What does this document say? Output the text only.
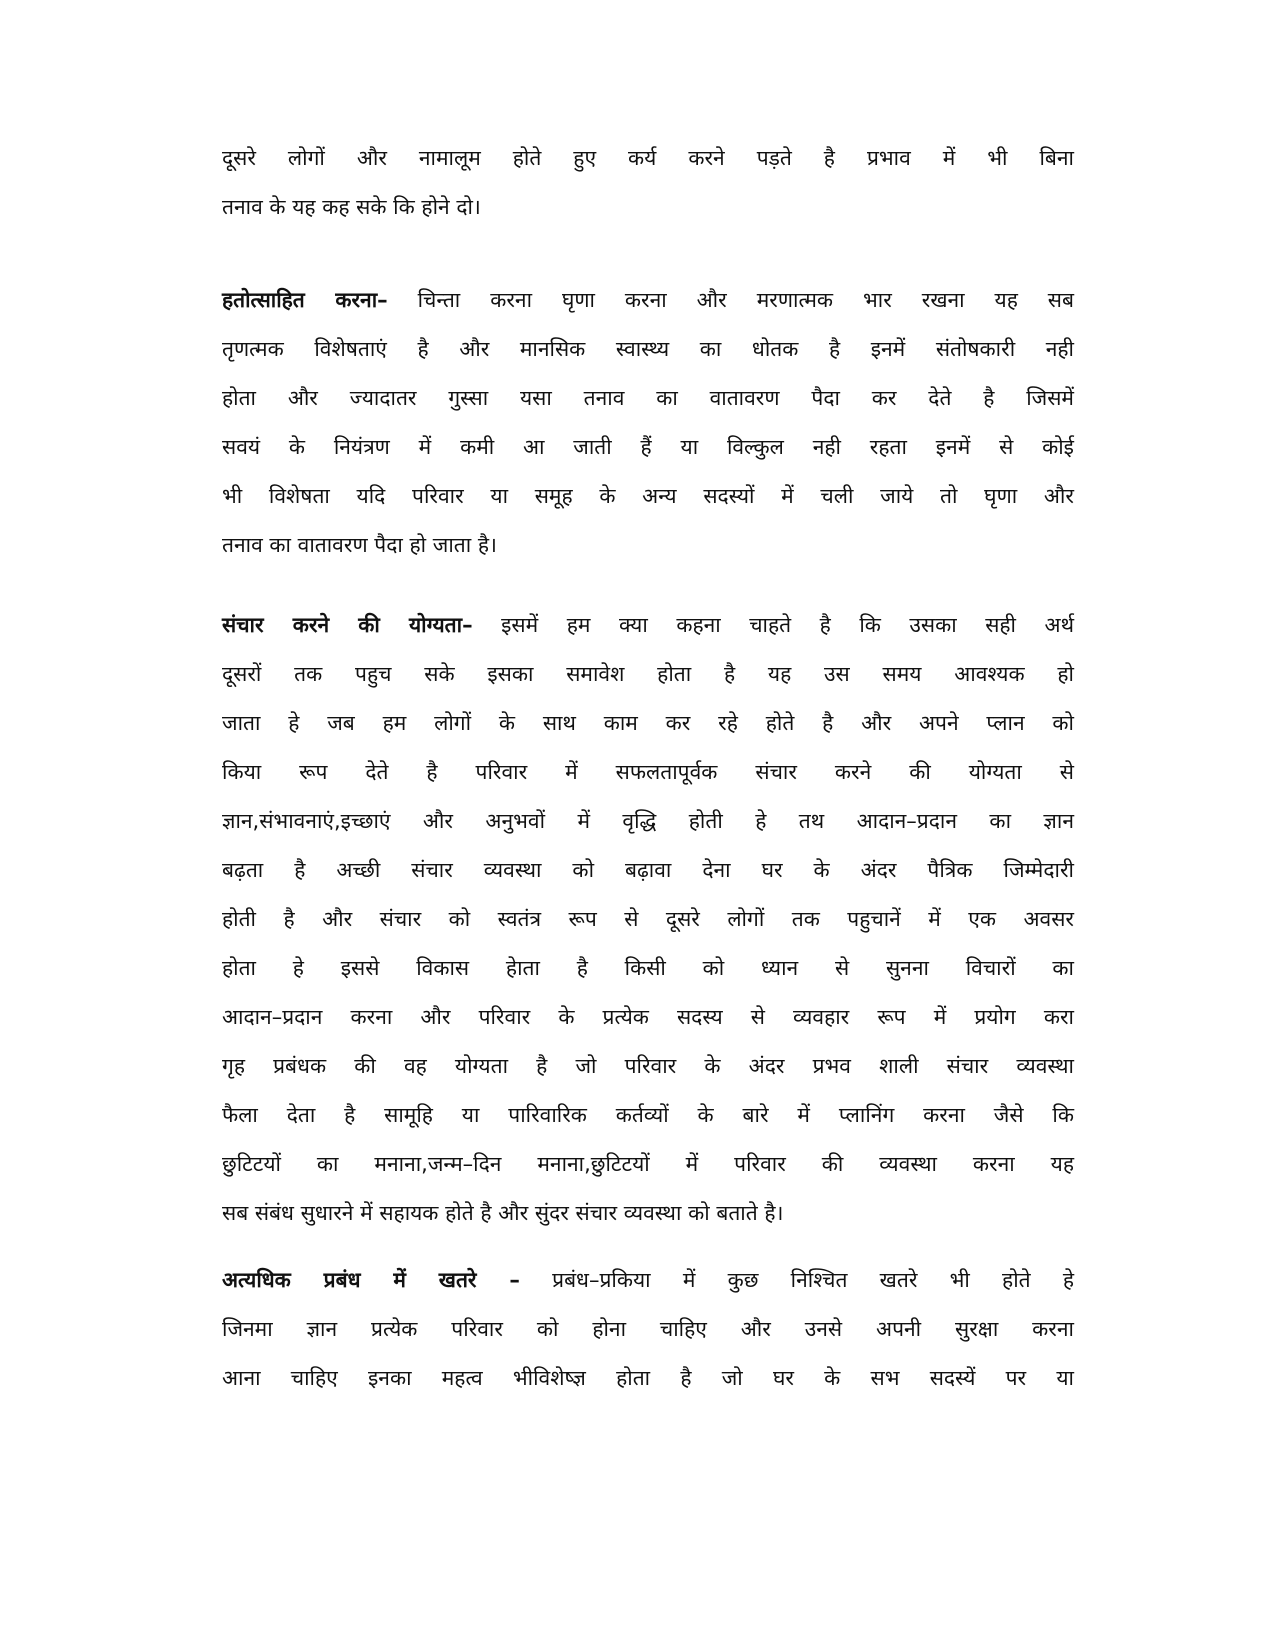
दूसरे लोगों और नामालूम होते हुए कर्य करने पड़ते है प्रभाव में भी बिना
तनाव के यह कह सके कि होने दो।
हतोत्साहित करना– चिन्ता करना घृणा करना और मरणात्मक भार रखना यह सब
तृणत्मक विशेषताएं है और मानसिक स्वास्थ्य का धोतक है इनमें संतोषकारी नही
होता और ज्यादातर गुस्सा यसा तनाव का वातावरण पैदा कर देते है जिसमें
सवयं के नियंत्रण में कमी आ जाती हैं या विल्कुल नही रहता इनमें से कोई
भी विशेषता यदि परिवार या समूह के अन्य सदस्यों में चली जाये तो घृणा और
तनाव का वातावरण पैदा हो जाता है।
संचार करने की योग्यता– इसमें हम क्या कहना चाहते है कि उसका सही अर्थ
दूसरों तक पहुच सके इसका समावेश होता है यह उस समय आवश्यक हो
जाता हे जब हम लोगों के साथ काम कर रहे होते है और अपने प्लान को
किया रूप देते है परिवार में सफलतापूर्वक संचार करने की योग्यता से
ज्ञान,संभावनाएं,इच्छाएं और अनुभवों में वृद्धि होती हे तथ आदान–प्रदान का ज्ञान
बढ़ता है अच्छी संचार व्यवस्था को बढ़ावा देना घर के अंदर पैत्रिक जिम्मेदारी
होती है और संचार को स्वतंत्र रूप से दूसरे लोगों तक पहुचानें में एक अवसर
होता हे इससे विकास हेाता है किसी को ध्यान से सुनना विचारों का
आदान–प्रदान करना और परिवार के प्रत्येक सदस्य से व्यवहार रूप में प्रयोग करा
गृह प्रबंधक की वह योग्यता है जो परिवार के अंदर प्रभव शाली संचार व्यवस्था
फैला देता है सामूहि या पारिवारिक कर्तव्यों के बारे में प्लानिंग करना जैसे कि
छुटिटयों का मनाना,जन्म–दिन मनाना,छुटिटयों में परिवार की व्यवस्था करना यह
सब संबंध सुधारने में सहायक होते है और सुंदर संचार व्यवस्था को बताते है।
अत्यधिक प्रबंध में खतरे – प्रबंध–प्रकिया में कुछ निश्चित खतरे भी होते हे
जिनमा ज्ञान प्रत्येक परिवार को होना चाहिए और उनसे अपनी सुरक्षा करना
आना चाहिए इनका महत्व भीविशेष्ज्ञ होता है जो घर के सभ सदस्यें पर या
